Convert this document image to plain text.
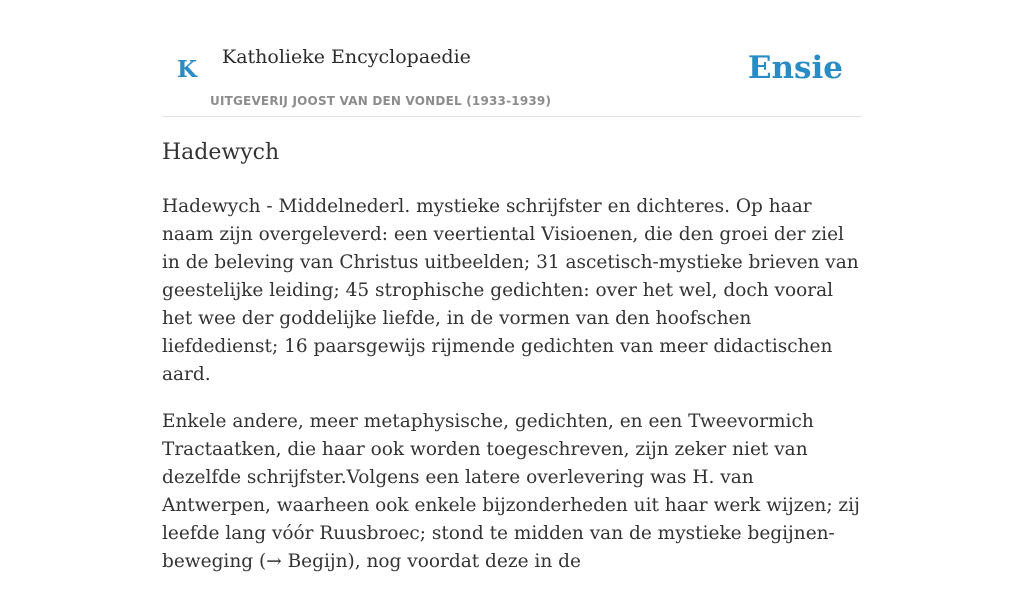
K Katholieke Encyclopaedie
UITGEVERIJ JOOST VAN DEN VONDEL (1933-1939)
Ensie
Hadewych

Hadewych - Middelnederl. mystieke schrijfster en dichteres. Op haar naam zijn overgeleverd: een veertiental Visioenen, die den groei der ziel in de beleving van Christus uitbeelden; 31 ascetisch-mystieke brieven van geestelijke leiding; 45 strophische gedichten: over het wel, doch vooral het wee der goddelijke liefde, in de vormen van den hoofschen liefdedienst; 16 paarsgewijs rijmende gedichten van meer didactischen aard.

Enkele andere, meer metaphysische, gedichten, en een Tweevormich Tractaatken, die haar ook worden toegeschreven, zijn zeker niet van dezelfde schrijfster.Volgens een latere overlevering was H. van Antwerpen, waarheen ook enkele bijzonderheden uit haar werk wijzen; zij leefde lang vóór Ruusbroec; stond te midden van de mystieke begijnen-beweging (→ Begijn), nog voordat deze in de
